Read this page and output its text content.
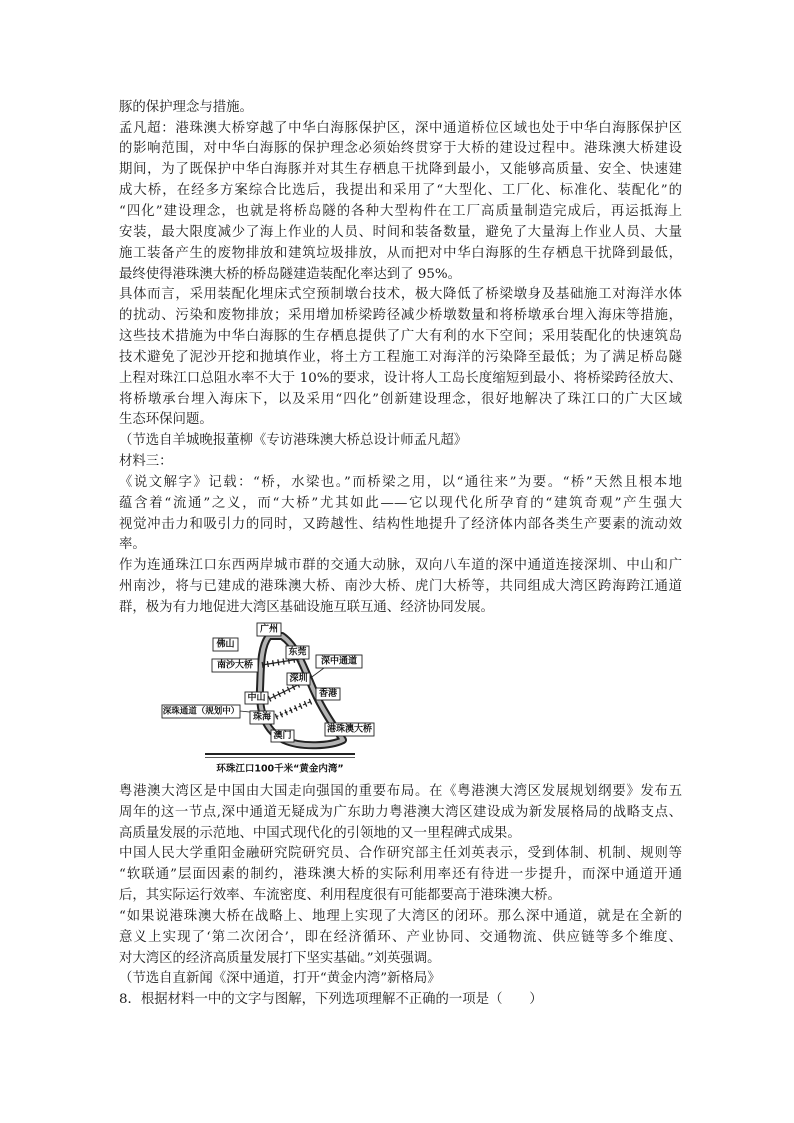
豚的保护理念与措施。
孟凡超：港珠澳大桥穿越了中华白海豚保护区，深中通道桥位区域也处于中华白海豚保护区
的影响范围，对中华白海豚的保护理念必须始终贯穿于大桥的建设过程中。港珠澳大桥建设
期间，为了既保护中华白海豚并对其生存栖息干扰降到最小，又能够高质量、安全、快速建
成大桥，在经多方案综合比选后，我提出和采用了“大型化、工厂化、标准化、装配化”的
“四化”建设理念，也就是将桥岛隧的各种大型构件在工厂高质量制造完成后，再运抵海上
安装，最大限度减少了海上作业的人员、时间和装备数量，避免了大量海上作业人员、大量
施工装备产生的废物排放和建筑垃圾排放，从而把对中华白海豚的生存栖息干扰降到最低，
最终使得港珠澳大桥的桥岛隧建造装配化率达到了 95%。
具体而言，采用装配化埋床式空预制墩台技术，极大降低了桥梁墩身及基础施工对海洋水体
的扰动、污染和废物排放；采用增加桥梁跨径减少桥墩数量和将桥墩承台埋入海床等措施，
这些技术措施为中华白海豚的生存栖息提供了广大有利的水下空间；采用装配化的快速筑岛
技术避免了泥沙开挖和抛填作业，将土方工程施工对海洋的污染降至最低；为了满足桥岛隧
上程对珠江口总阻水率不大于 10%的要求，设计将人工岛长度缩短到最小、将桥梁跨径放大、
将桥墩承台埋入海床下，以及采用“四化”创新建设理念，很好地解决了珠江口的广大区域
生态环保问题。
（节选自羊城晚报董柳《专访港珠澳大桥总设计师孟凡超》
材料三：
《说文解字》记载：“桥，水梁也。”而桥梁之用，以“通往来”为要。“桥”天然且根本地
蕴含着“流通”之义，而“大桥”尤其如此——它以现代化所孕育的“建筑奇观”产生强大
视觉冲击力和吸引力的同时，又跨越性、结构性地提升了经济体内部各类生产要素的流动效
率。
作为连通珠江口东西两岸城市群的交通大动脉，双向八车道的深中通道连接深圳、中山和广
州南沙，将与已建成的港珠澳大桥、南沙大桥、虎门大桥等，共同组成大湾区跨海跨江通道
群，极为有力地促进大湾区基础设施互联互通、经济协同发展。
广州
佛山
东莞
南沙大桥	深中通道
深圳
中山	香港
深珠通道（规划中）
珠海
港珠澳大桥
澳门
环珠江口100千米“黄金内湾”
粤港澳大湾区是中国由大国走向强国的重要布局。在《粤港澳大湾区发展规划纲要》发布五
周年的这一节点,深中通道无疑成为广东助力粤港澳大湾区建设成为新发展格局的战略支点、
高质量发展的示范地、中国式现代化的引领地的又一里程碑式成果。
中国人民大学重阳金融研究院研究员、合作研究部主任刘英表示，受到体制、机制、规则等
“软联通”层面因素的制约，港珠澳大桥的实际利用率还有待进一步提升，而深中通道开通
后，其实际运行效率、车流密度、利用程度很有可能都要高于港珠澳大桥。
“如果说港珠澳大桥在战略上、地理上实现了大湾区的闭环。那么深中通道，就是在全新的
意义上实现了‘第二次闭合’，即在经济循环、产业协同、交通物流、供应链等多个维度、
对大湾区的经济高质量发展打下坚实基础。”刘英强调。
（节选自直新闻《深中通道，打开“黄金内湾”新格局》
8．根据材料一中的文字与图解，下列选项理解不正确的一项是（　　）
